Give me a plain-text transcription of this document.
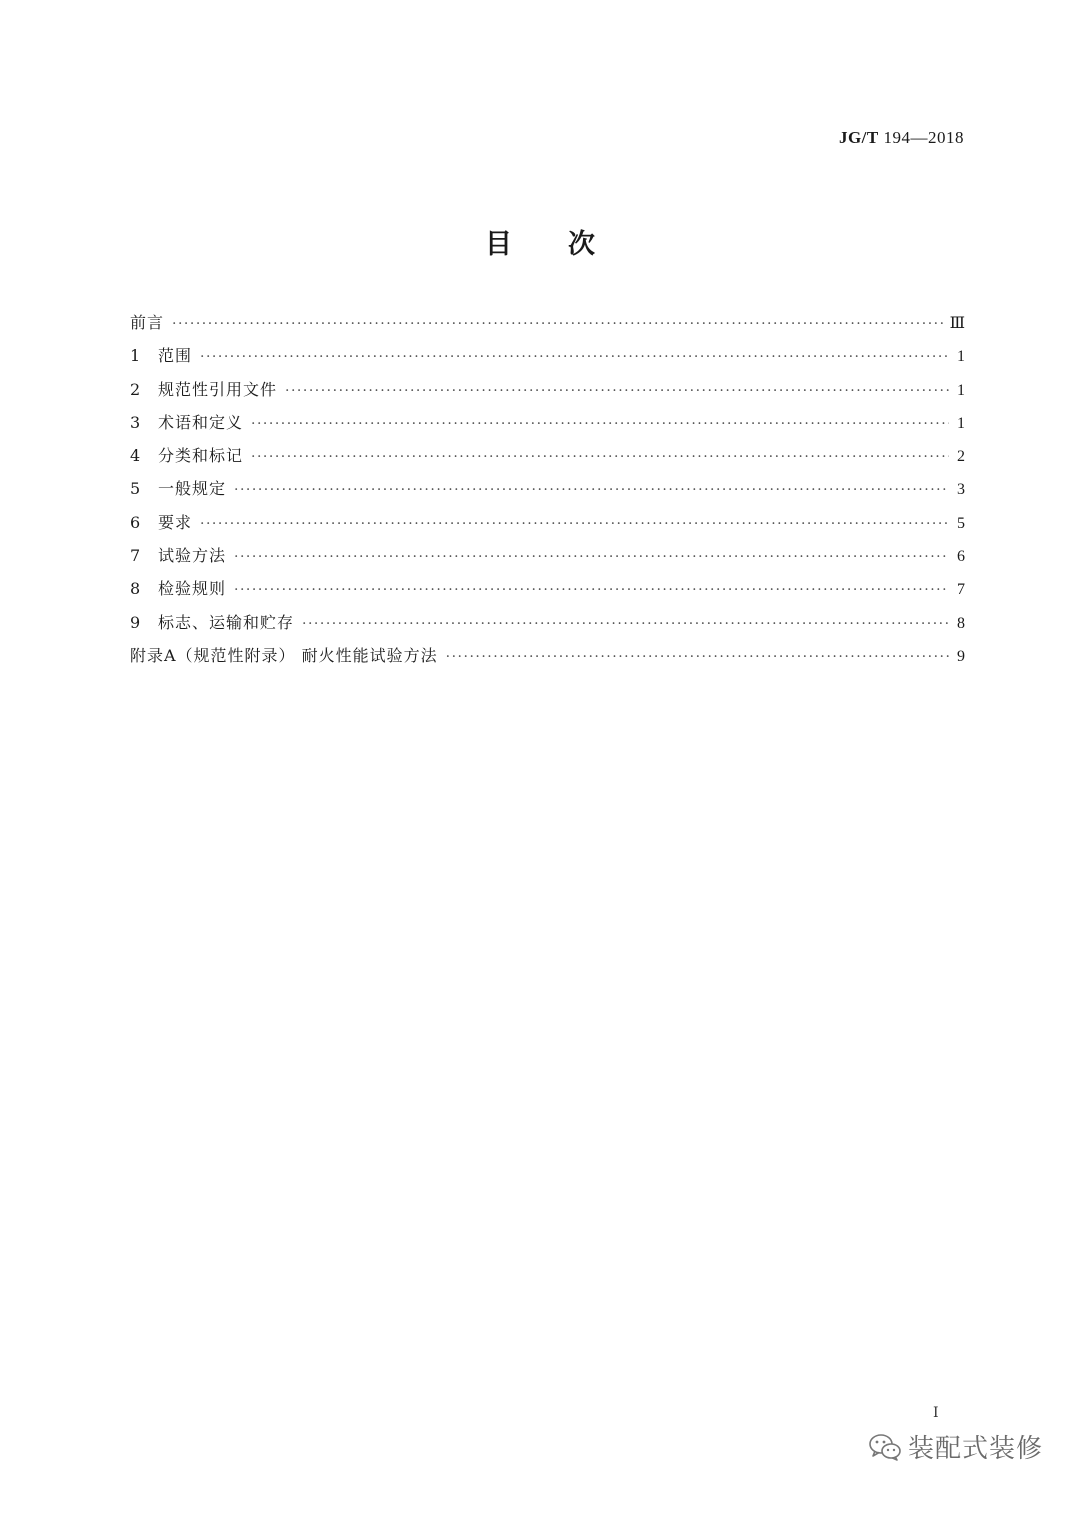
JG/T 194—2018
目次
前言 ·····	Ⅲ
1	范围 ·····	1
2	规范性引用文件 ·····	1
3	术语和定义 ·····	1
4	分类和标记 ·····	2
5	一般规定 ·····	3
6	要求 ·····	5
7	试验方法 ·····	6
8	检验规则 ·····	7
9	标志、运输和贮存 ·····	8
附录A（规范性附录） 耐火性能试验方法 ·····	9
Ⅰ
装配式装修
